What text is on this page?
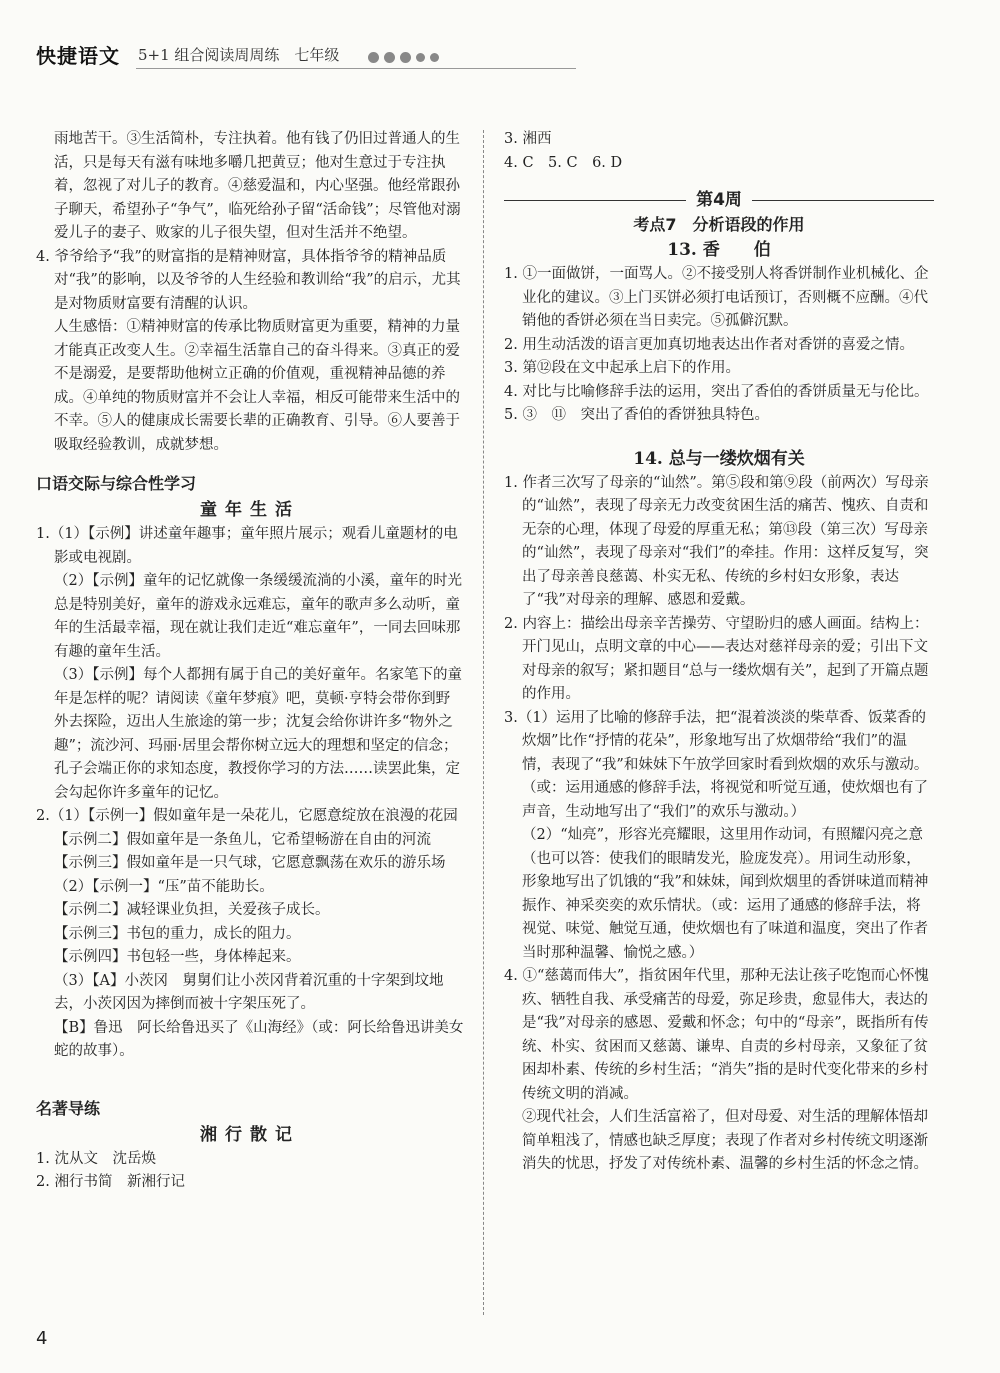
快捷语文 5+1 组合阅读周周练　七年级

雨地苦干。③生活简朴，专注执着。他有钱了仍旧过普通人的生活，只是每天有滋有味地多嚼几把黄豆；他对生意过于专注执着，忽视了对儿子的教育。④慈爱温和，内心坚强。他经常跟孙子聊天，希望孙子“争气”，临死给孙子留“活命钱”；尽管他对溺爱儿子的妻子、败家的儿子很失望，但对生活并不绝望。

4. 爷爷给予“我”的财富指的是精神财富，具体指爷爷的精神品质对“我”的影响，以及爷爷的人生经验和教训给“我”的启示，尤其是对物质财富要有清醒的认识。

人生感悟：①精神财富的传承比物质财富更为重要，精神的力量才能真正改变人生。②幸福生活靠自己的奋斗得来。③真正的爱不是溺爱，是要帮助他树立正确的价值观，重视精神品德的养成。④单纯的物质财富并不会让人幸福，相反可能带来生活中的不幸。⑤人的健康成长需要长辈的正确教育、引导。⑥人要善于吸取经验教训，成就梦想。

口语交际与综合性学习
童年生活

1.（1）【示例】讲述童年趣事；童年照片展示；观看儿童题材的电影或电视剧。

（2）【示例】童年的记忆就像一条缓缓流淌的小溪，童年的时光总是特别美好，童年的游戏永远难忘，童年的歌声多么动听，童年的生活最幸福，现在就让我们走近“难忘童年”，一同去回味那有趣的童年生活。

（3）【示例】每个人都拥有属于自己的美好童年。名家笔下的童年是怎样的呢？请阅读《童年梦痕》吧，莫顿·亨特会带你到野外去探险，迈出人生旅途的第一步；沈复会给你讲许多“物外之趣”；流沙河、玛丽·居里会帮你树立远大的理想和坚定的信念；孔子会端正你的求知态度，教授你学习的方法……读罢此集，定会勾起你许多童年的记忆。

2.（1）【示例一】假如童年是一朵花儿，它愿意绽放在浪漫的花园

【示例二】假如童年是一条鱼儿，它希望畅游在自由的河流

【示例三】假如童年是一只气球，它愿意飘荡在欢乐的游乐场

（2）【示例一】“压”苗不能助长。

【示例二】减轻课业负担，关爱孩子成长。

【示例三】书包的重力，成长的阻力。

【示例四】书包轻一些，身体棒起来。

（3）【A】小茨冈　舅舅们让小茨冈背着沉重的十字架到坟地去，小茨冈因为摔倒而被十字架压死了。

【B】鲁迅　阿长给鲁迅买了《山海经》（或：阿长给鲁迅讲美女蛇的故事）。

名著导练
湘行散记

1. 沈从文　沈岳焕

2. 湘行书简　新湘行记

3. 湘西

4. C　5. C　6. D

第4周
考点7　分析语段的作用
13. 香　　伯

1. ①一面做饼，一面骂人。②不接受别人将香饼制作业机械化、企业化的建议。③上门买饼必须打电话预订，否则概不应酬。④代销他的香饼必须在当日卖完。⑤孤僻沉默。

2. 用生动活泼的语言更加真切地表达出作者对香饼的喜爱之情。

3. 第⑫段在文中起承上启下的作用。

4. 对比与比喻修辞手法的运用，突出了香伯的香饼质量无与伦比。

5. ③　⑪　突出了香伯的香饼独具特色。

14. 总与一缕炊烟有关

1. 作者三次写了母亲的“讪然”。第⑤段和第⑨段（前两次）写母亲的“讪然”，表现了母亲无力改变贫困生活的痛苦、愧疚、自责和无奈的心理，体现了母爱的厚重无私；第⑬段（第三次）写母亲的“讪然”，表现了母亲对“我们”的牵挂。作用：这样反复写，突出了母亲善良慈蔼、朴实无私、传统的乡村妇女形象，表达了“我”对母亲的理解、感恩和爱戴。

2. 内容上：描绘出母亲辛苦操劳、守望盼归的感人画面。结构上：开门见山，点明文章的中心——表达对慈祥母亲的爱；引出下文对母亲的叙写；紧扣题目“总与一缕炊烟有关”，起到了开篇点题的作用。

3.（1）运用了比喻的修辞手法，把“混着淡淡的柴草香、饭菜香的炊烟”比作“抒情的花朵”，形象地写出了炊烟带给“我们”的温情，表现了“我”和妹妹下午放学回家时看到炊烟的欢乐与激动。（或：运用通感的修辞手法，将视觉和听觉互通，使炊烟也有了声音，生动地写出了“我们”的欢乐与激动。）

（2）“灿亮”，形容光亮耀眼，这里用作动词，有照耀闪亮之意（也可以答：使我们的眼睛发光，脸庞发亮）。用词生动形象，形象地写出了饥饿的“我”和妹妹，闻到炊烟里的香饼味道而精神振作、神采奕奕的欢乐情状。（或：运用了通感的修辞手法，将视觉、味觉、触觉互通，使炊烟也有了味道和温度，突出了作者当时那种温馨、愉悦之感。）

4. ①“慈蔼而伟大”，指贫困年代里，那种无法让孩子吃饱而心怀愧疚、牺牲自我、承受痛苦的母爱，弥足珍贵，愈显伟大，表达的是“我”对母亲的感恩、爱戴和怀念；句中的“母亲”，既指所有传统、朴实、贫困而又慈蔼、谦卑、自责的乡村母亲，又象征了贫困却朴素、传统的乡村生活；“消失”指的是时代变化带来的乡村传统文明的消减。

②现代社会，人们生活富裕了，但对母爱、对生活的理解体悟却简单粗浅了，情感也缺乏厚度；表现了作者对乡村传统文明逐渐消失的忧思，抒发了对传统朴素、温馨的乡村生活的怀念之情。

4
